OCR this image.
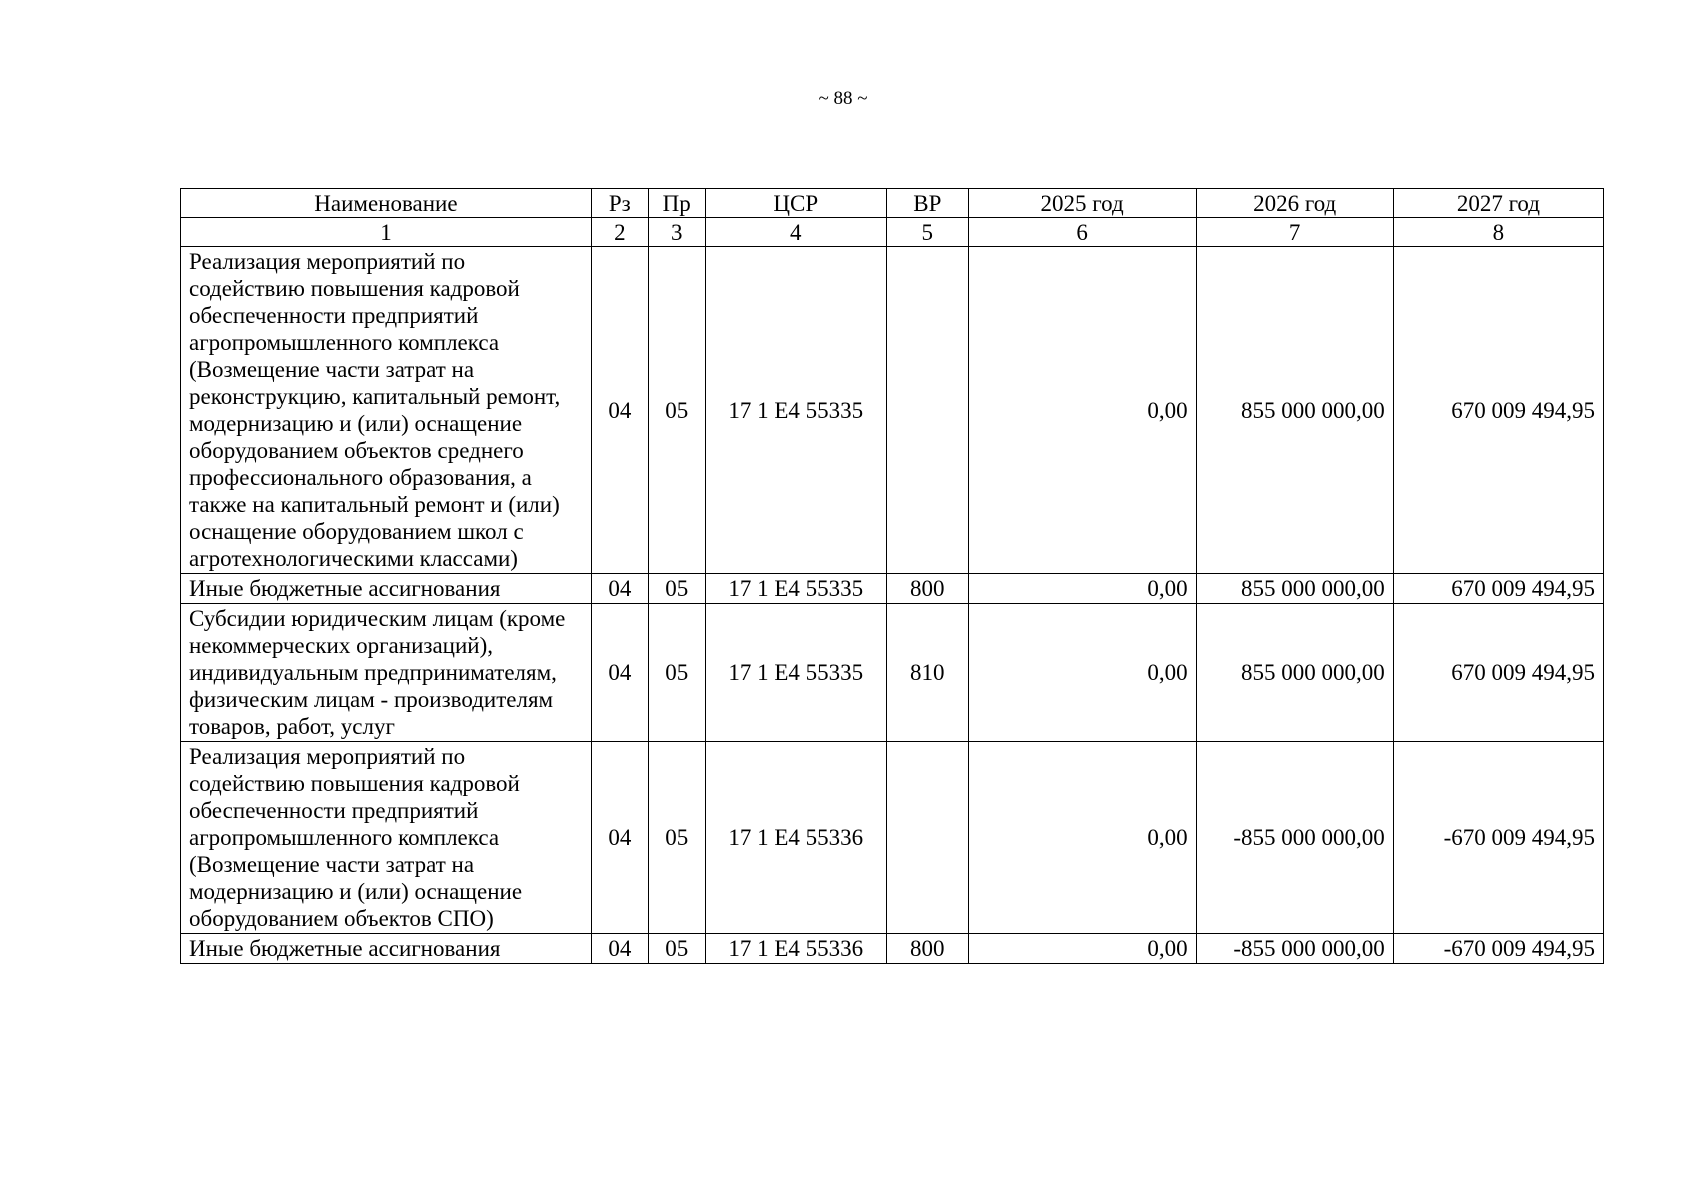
~ 88 ~
Наименование	Рз	Пр	ЦСР	ВР	2025 год	2026 год	2027 год
1	2	3	4	5	6	7	8
Реализация мероприятий по содействию повышения кадровой обеспеченности предприятий агропромышленного комплекса (Возмещение части затрат на реконструкцию, капитальный ремонт, модернизацию и (или) оснащение оборудованием объектов среднего профессионального образования, а также на капитальный ремонт и (или) оснащение оборудованием школ с агротехнологическими классами)	04	05	17 1 Е4 55335		0,00	855 000 000,00	670 009 494,95
Иные бюджетные ассигнования	04	05	17 1 Е4 55335	800	0,00	855 000 000,00	670 009 494,95
Субсидии юридическим лицам (кроме некоммерческих организаций), индивидуальным предпринимателям, физическим лицам - производителям товаров, работ, услуг	04	05	17 1 Е4 55335	810	0,00	855 000 000,00	670 009 494,95
Реализация мероприятий по содействию повышения кадровой обеспеченности предприятий агропромышленного комплекса (Возмещение части затрат на модернизацию и (или) оснащение оборудованием объектов СПО)	04	05	17 1 Е4 55336		0,00	-855 000 000,00	-670 009 494,95
Иные бюджетные ассигнования	04	05	17 1 Е4 55336	800	0,00	-855 000 000,00	-670 009 494,95
